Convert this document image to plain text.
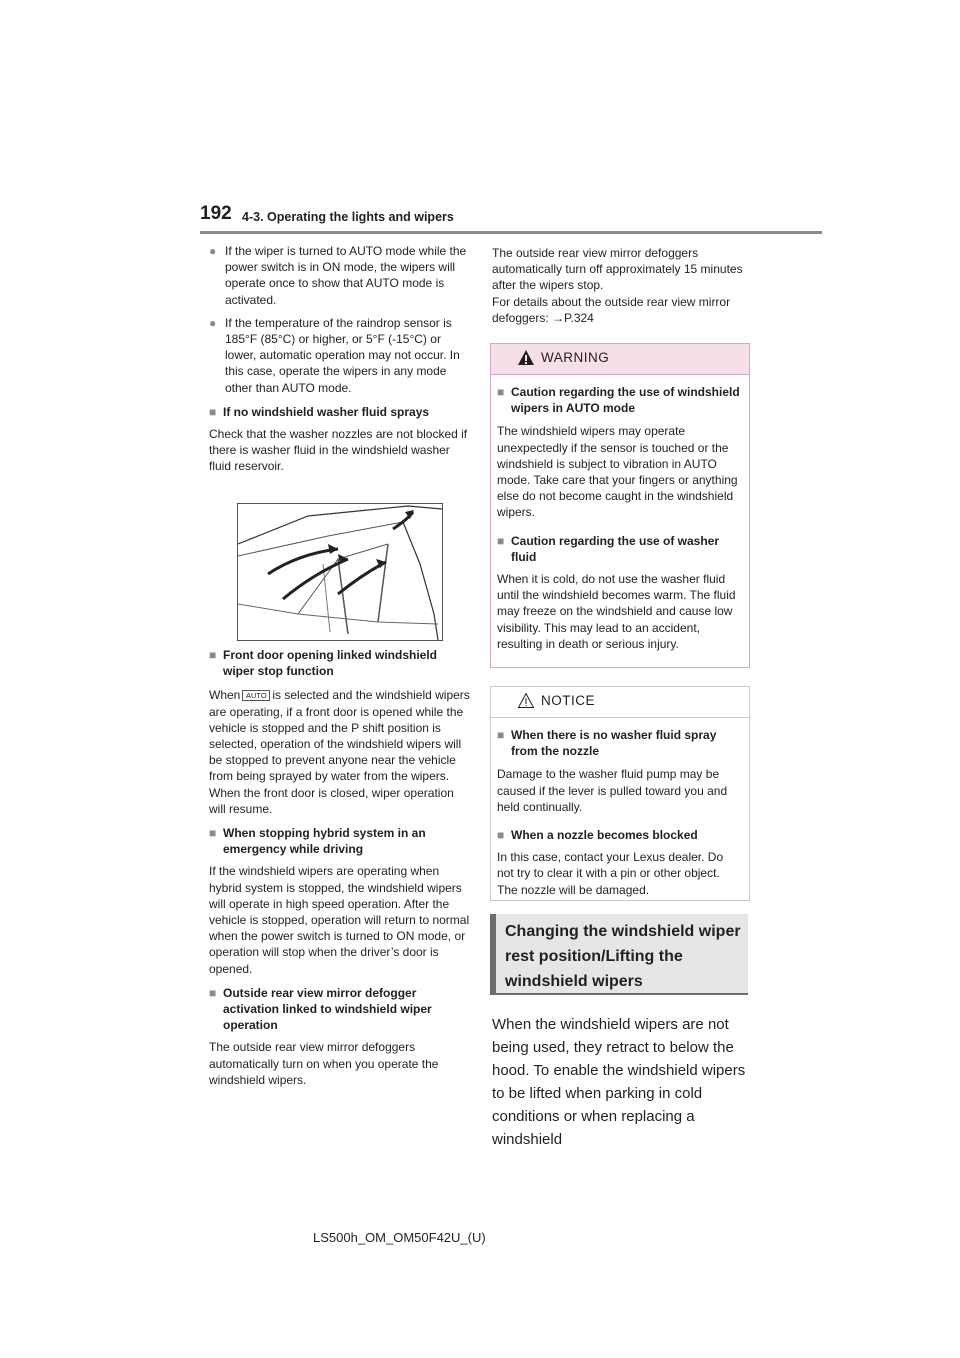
192 4-3. Operating the lights and wipers

● If the wiper is turned to AUTO mode while the power switch is in ON mode, the wipers will operate once to show that AUTO mode is activated.

● If the temperature of the raindrop sensor is 185°F (85°C) or higher, or 5°F (-15°C) or lower, automatic operation may not occur. In this case, operate the wipers in any mode other than AUTO mode.

■ If no windshield washer fluid sprays

Check that the washer nozzles are not blocked if there is washer fluid in the windshield washer fluid reservoir.

■ Front door opening linked windshield wiper stop function

When AUTO is selected and the windshield wipers are operating, if a front door is opened while the vehicle is stopped and the P shift position is selected, operation of the windshield wipers will be stopped to prevent anyone near the vehicle from being sprayed by water from the wipers. When the front door is closed, wiper operation will resume.

■ When stopping hybrid system in an emergency while driving

If the windshield wipers are operating when hybrid system is stopped, the windshield wipers will operate in high speed operation. After the vehicle is stopped, operation will return to normal when the power switch is turned to ON mode, or operation will stop when the driver’s door is opened.

■ Outside rear view mirror defogger activation linked to windshield wiper operation

The outside rear view mirror defoggers automatically turn on when you operate the windshield wipers.

The outside rear view mirror defoggers automatically turn off approximately 15 minutes after the wipers stop.

For details about the outside rear view mirror defoggers: →P.324

WARNING

■ Caution regarding the use of windshield wipers in AUTO mode

The windshield wipers may operate unexpectedly if the sensor is touched or the windshield is subject to vibration in AUTO mode. Take care that your fingers or anything else do not become caught in the windshield wipers.

■ Caution regarding the use of washer fluid

When it is cold, do not use the washer fluid until the windshield becomes warm. The fluid may freeze on the windshield and cause low visibility. This may lead to an accident, resulting in death or serious injury.

NOTICE

■ When there is no washer fluid spray from the nozzle

Damage to the washer fluid pump may be caused if the lever is pulled toward you and held continually.

■ When a nozzle becomes blocked

In this case, contact your Lexus dealer. Do not try to clear it with a pin or other object. The nozzle will be damaged.

Changing the windshield wiper rest position/Lifting the windshield wipers
When the windshield wipers are not being used, they retract to below the hood. To enable the windshield wipers to be lifted when parking in cold conditions or when replacing a windshield
LS500h_OM_OM50F42U_(U)
